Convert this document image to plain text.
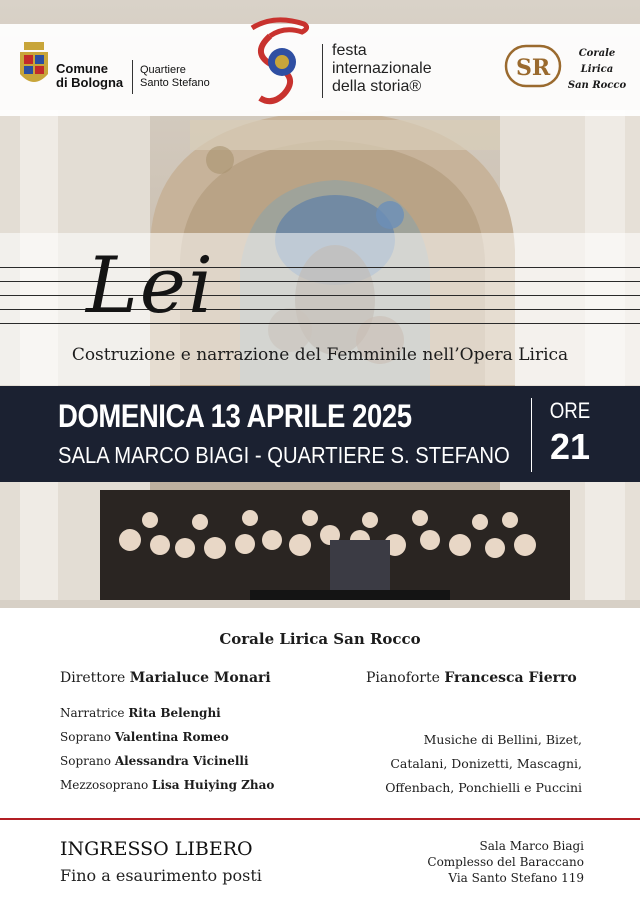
Comune
di Bologna
Quartiere
Santo Stefano
festa
internazionale
della storia®
SR
Corale
Lirica
San Rocco
Lei
Costruzione e narrazione del Femminile nell’Opera Lirica
DOMENICA 13 APRILE 2025
SALA MARCO BIAGI - QUARTIERE S. STEFANO
ORE
21
Corale Lirica San Rocco
Direttore Marialuce Monari	Pianoforte Francesca Fierro
Narratrice Rita Belenghi
Soprano Valentina Romeo
Soprano Alessandra Vicinelli
Mezzosoprano Lisa Huiying Zhao
Musiche di Bellini, Bizet,
Catalani, Donizetti, Mascagni,
Offenbach, Ponchielli e Puccini
INGRESSO LIBERO
Fino a esaurimento posti
Sala Marco Biagi
Complesso del Baraccano
Via Santo Stefano 119
